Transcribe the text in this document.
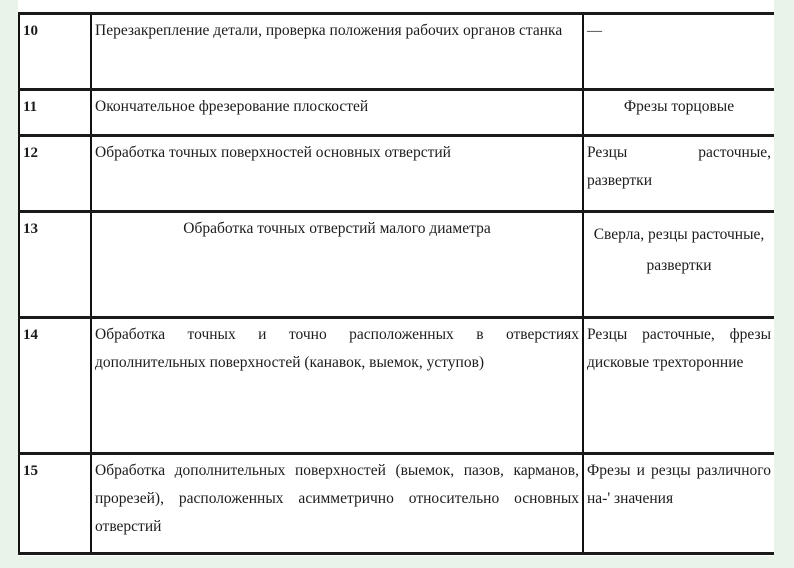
10	Перезакрепление детали, проверка положения рабочих органов станка	—
11	Окончательное фрезерование плоскостей	Фрезы торцовые
12	Обработка точных поверхностей основных отверстий	Резцы расточные, развертки
13	Обработка точных отверстий малого диаметра	Сверла, резцы расточные, развертки

14	Обработка точных и точно расположенных в отверстиях дополнительных поверхностей (канавок, выемок, уступов)	Резцы расточные, фрезы дисковые трехторонние
15	Обработка дополнительных поверхностей (выемок, пазов, карманов, прорезей), расположенных асимметрично относительно основных отверстий	Фрезы и резцы различного на-' значения
